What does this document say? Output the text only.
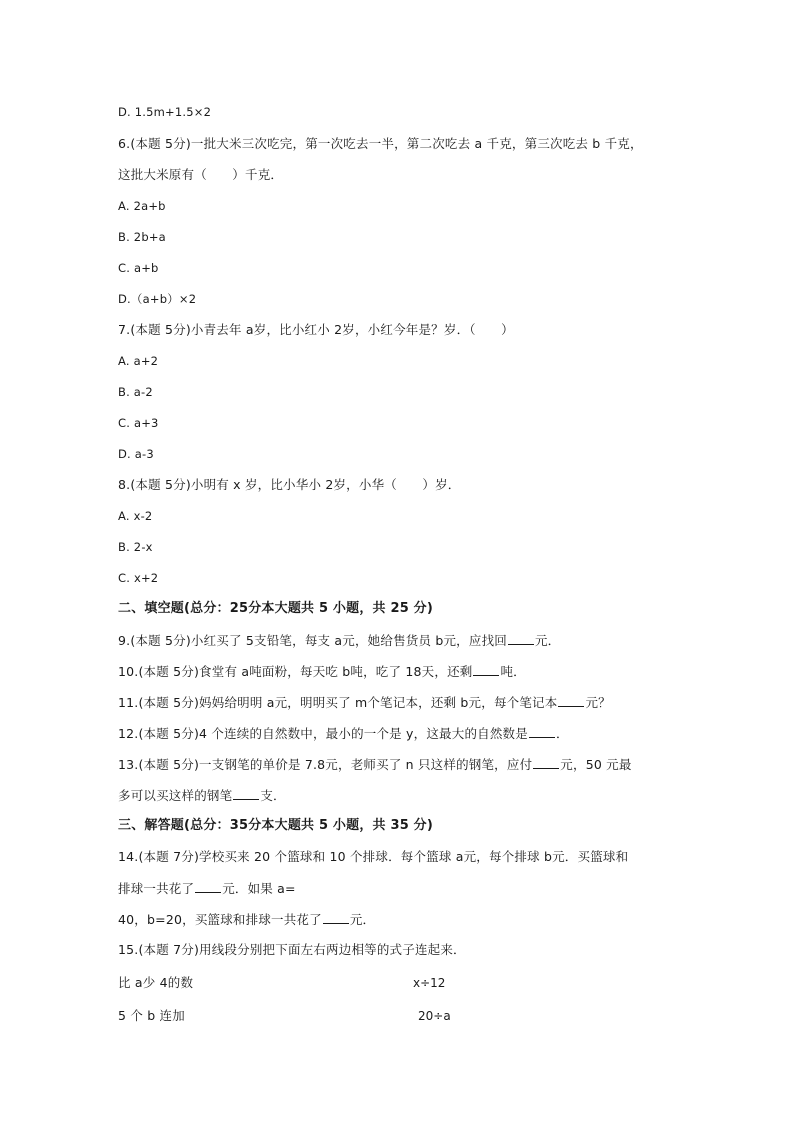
D. 1.5m+1.5×2
6.(本题 5分)一批大米三次吃完，第一次吃去一半，第二次吃去 a 千克，第三次吃去 b 千克，
这批大米原有（　　）千克．
A. 2a+b
B. 2b+a
C. a+b
D.（a+b）×2
7.(本题 5分)小青去年 a岁，比小红小 2岁，小红今年是？岁．（　　）
A. a+2
B. a-2
C. a+3
D. a-3
8.(本题 5分)小明有 x 岁，比小华小 2岁，小华（　　）岁．
A. x-2
B. 2-x
C. x+2
二、填空题(总分：25分本大题共 5 小题，共 25 分)
9.(本题 5分)小红买了 5支铅笔，每支 a元，她给售货员 b元，应找回 元．
10.(本题 5分)食堂有 a吨面粉，每天吃 b吨，吃了 18天，还剩 吨．
11.(本题 5分)妈妈给明明 a元，明明买了 m个笔记本，还剩 b元，每个笔记本 元？
12.(本题 5分)4 个连续的自然数中，最小的一个是 y，这最大的自然数是 ．
13.(本题 5分)一支钢笔的单价是 7.8元，老师买了 n 只这样的钢笔，应付 元，50 元最
多可以买这样的钢笔 支．
三、解答题(总分：35分本大题共 5 小题，共 35 分)
14.(本题 7分)学校买来 20 个篮球和 10 个排球．每个篮球 a元，每个排球 b元．买篮球和
排球一共花了 元．如果 a=
40，b=20，买篮球和排球一共花了 元．
15.(本题 7分)用线段分别把下面左右两边相等的式子连起来．
比 a少 4的数	x÷12
5 个 b 连加	20÷a
